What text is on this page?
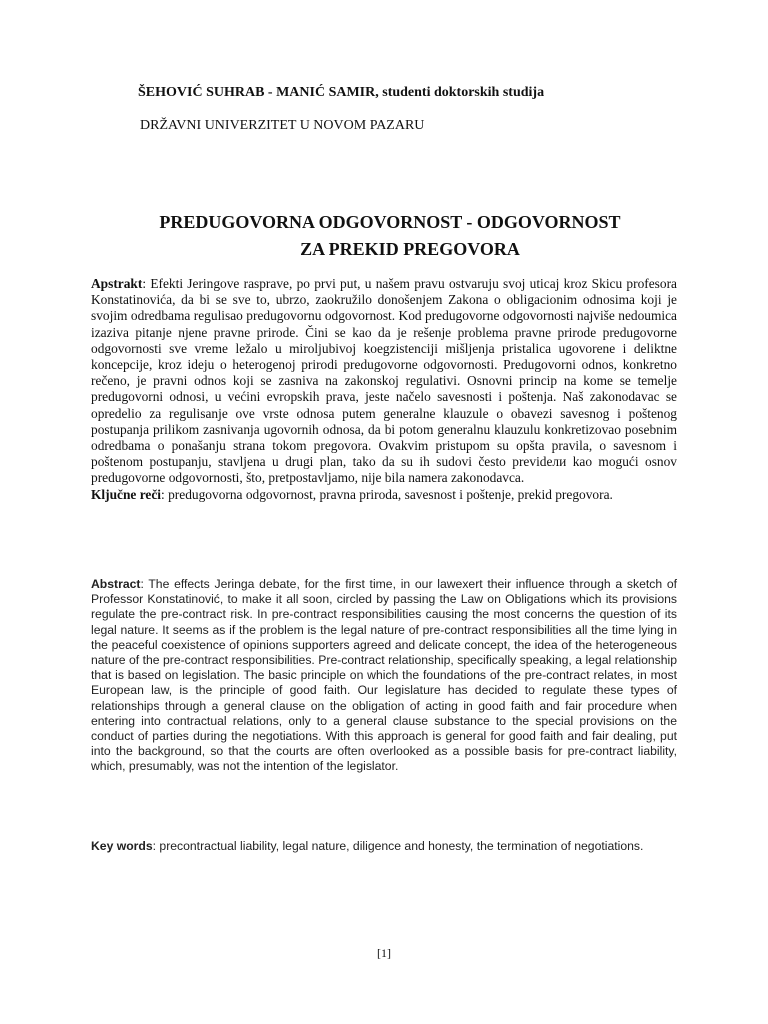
ŠEHOVIĆ SUHRAB - MANIĆ SAMIR, studenti doktorskih studija
DRŽAVNI UNIVERZITET U NOVOM PAZARU
PREDUGOVORNA ODGOVORNOST - ODGOVORNOST
ZA PREKID PREGOVORA

Apstrakt: Efekti Jeringove rasprave, po prvi put, u našem pravu ostvaruju svoj uticaj kroz Skicu profesora Konstatinovića, da bi se sve to, ubrzo, zaokružilo donošenjem Zakona o obligacionim odnosima koji je svojim odredbama regulisao predugovornu odgovornost. Kod predugovorne odgovornosti najviše nedoumica izaziva pitanje njene pravne prirode. Čini se kao da je rešenje problema pravne prirode predugovorne odgovornosti sve vreme ležalo u miroljubivoj koegzistenciji mišljenja pristalica ugovorene i deliktne koncepcije, kroz ideju o heterogenoj prirodi predugovorne odgovornosti. Predugovorni odnos, konkretno rečeno, je pravni odnos koji se zasniva na zakonskoj regulativi. Osnovni princip na kome se temelje predugovorni odnosi, u većini evropskih prava, jeste načelo savesnosti i poštenja. Naš zakonodavac se opredelio za regulisanje ove vrste odnosa putem generalne klauzule o obavezi savesnog i poštenog postupanja prilikom zasnivanja ugovornih odnosa, da bi potom generalnu klauzulu konkretizovao posebnim odredbama o ponašanju strana tokom pregovora. Ovakvim pristupom su opšta pravila, o savesnom i poštenom postupanju, stavljena u drugi plan, tako da su ih sudovi često previdели kao mogući osnov predugovorne odgovornosti, što, pretpostavljamo, nije bila namera zakonodavca.

Ključne reči: predugovorna odgovornost, pravna priroda, savesnost i poštenje, prekid pregovora.

Abstract: The effects Jeringa debate, for the first time, in our lawexert their influence through a sketch of Professor Konstatinović, to make it all soon, circled by passing the Law on Obligations which its provisions regulate the pre-contract risk. In pre-contract responsibilities causing the most concerns the question of its legal nature. It seems as if the problem is the legal nature of pre-contract responsibilities all the time lying in the peaceful coexistence of opinions supporters agreed and delicate concept, the idea of the heterogeneous nature of the pre-contract responsibilities. Pre-contract relationship, specifically speaking, a legal relationship that is based on legislation. The basic principle on which the foundations of the pre-contract relates, in most European law, is the principle of good faith. Our legislature has decided to regulate these types of relationships through a general clause on the obligation of acting in good faith and fair procedure when entering into contractual relations, only to a general clause substance to the special provisions on the conduct of parties during the negotiations. With this approach is general for good faith and fair dealing, put into the background, so that the courts are often overlooked as a possible basis for pre-contract liability, which, presumably, was not the intention of the legislator.

Key words: precontractual liability, legal nature, diligence and honesty, the termination of negotiations.

[1]
